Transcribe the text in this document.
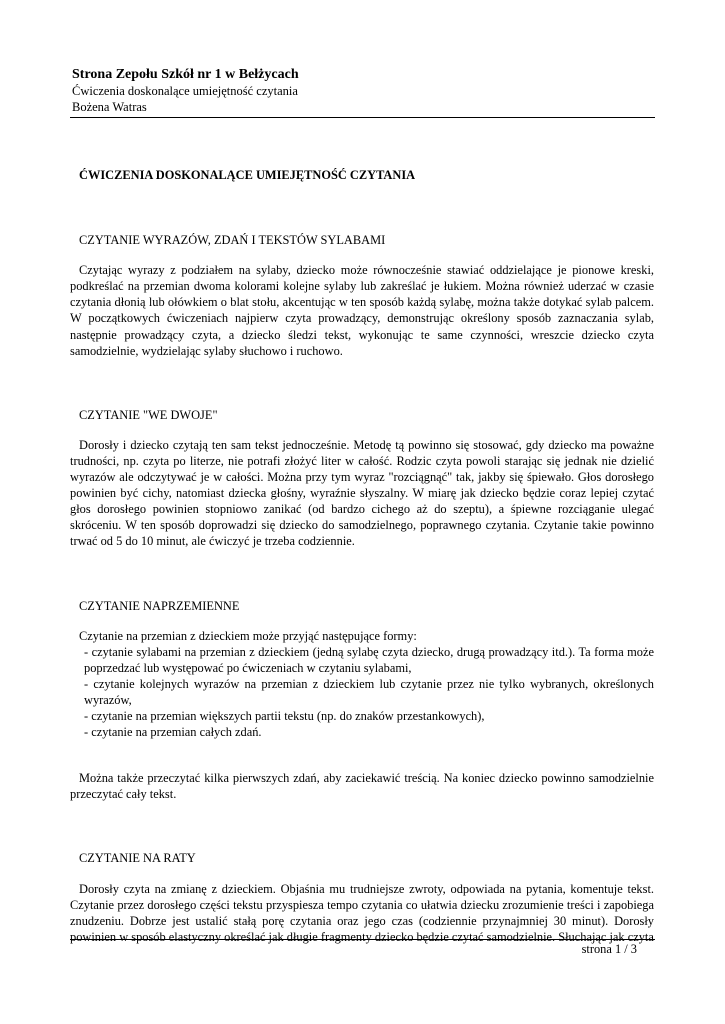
Strona Zepołu Szkół nr 1 w Bełżycach

Ćwiczenia doskonalące umiejętność czytania

Bożena Watras

ĆWICZENIA DOSKONALĄCE UMIEJĘTNOŚĆ CZYTANIA

CZYTANIE WYRAZÓW, ZDAŃ I TEKSTÓW SYLABAMI

Czytając wyrazy z podziałem na sylaby, dziecko może równocześnie stawiać oddzielające je pionowe kreski, podkreślać na przemian dwoma kolorami kolejne sylaby lub zakreślać je łukiem. Można również uderzać w czasie czytania dłonią lub ołówkiem o blat stołu, akcentując w ten sposób każdą sylabę, można także dotykać sylab palcem. W początkowych ćwiczeniach najpierw czyta prowadzący, demonstrując określony sposób zaznaczania sylab, następnie prowadzący czyta, a dziecko śledzi tekst, wykonując te same czynności, wreszcie dziecko czyta samodzielnie, wydzielając sylaby słuchowo i ruchowo.

CZYTANIE "WE DWOJE"

Dorosły i dziecko czytają ten sam tekst jednocześnie. Metodę tą powinno się stosować, gdy dziecko ma poważne trudności, np. czyta po literze, nie potrafi złożyć liter w całość. Rodzic czyta powoli starając się jednak nie dzielić wyrazów ale odczytywać je w całości. Można przy tym wyraz "rozciągnąć" tak, jakby się śpiewało. Głos dorosłego powinien być cichy, natomiast dziecka głośny, wyraźnie słyszalny. W miarę jak dziecko będzie coraz lepiej czytać głos dorosłego powinien stopniowo zanikać (od bardzo cichego aż do szeptu), a śpiewne rozciąganie ulegać skróceniu. W ten sposób doprowadzi się dziecko do samodzielnego, poprawnego czytania. Czytanie takie powinno trwać od 5 do 10 minut, ale ćwiczyć je trzeba codziennie.

CZYTANIE NAPRZEMIENNE

Czytanie na przemian z dzieckiem może przyjąć następujące formy:

- czytanie sylabami na przemian z dzieckiem (jedną sylabę czyta dziecko, drugą prowadzący itd.). Ta forma może poprzedzać lub występować po ćwiczeniach w czytaniu sylabami,

- czytanie kolejnych wyrazów na przemian z dzieckiem lub czytanie przez nie tylko wybranych, określonych wyrazów,

- czytanie na przemian większych partii tekstu (np. do znaków przestankowych),

- czytanie na przemian całych zdań.

Można także przeczytać kilka pierwszych zdań, aby zaciekawić treścią. Na koniec dziecko powinno samodzielnie przeczytać cały tekst.

CZYTANIE NA RATY

Dorosły czyta na zmianę z dzieckiem. Objaśnia mu trudniejsze zwroty, odpowiada na pytania, komentuje tekst. Czytanie przez dorosłego części tekstu przyspiesza tempo czytania co ułatwia dziecku zrozumienie treści i zapobiega znudzeniu. Dobrze jest ustalić stałą porę czytania oraz jego czas (codziennie przynajmniej 30 minut). Dorosły powinien w sposób elastyczny określać jak długie fragmenty dziecko będzie czytać samodzielnie. Słuchając jak czyta

strona 1 / 3
